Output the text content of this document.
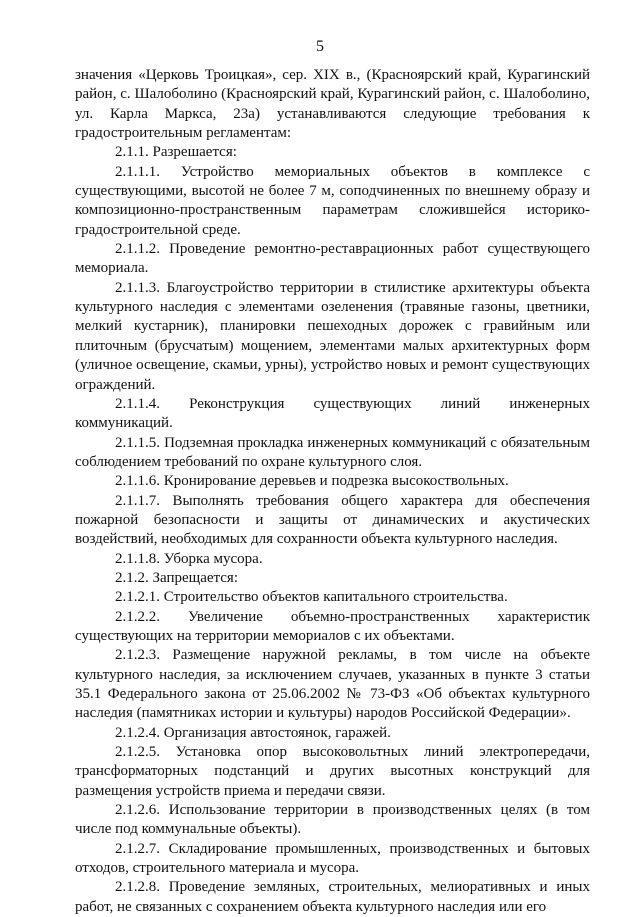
5

значения «Церковь Троицкая», сер. XIX в., (Красноярский край, Курагинский район, с. Шалоболино (Красноярский край, Курагинский район, с. Шалоболино, ул. Карла Маркса, 23а) устанавливаются следующие требования к градостроительным регламентам:

2.1.1. Разрешается:

2.1.1.1. Устройство мемориальных объектов в комплексе с существующими, высотой не более 7 м, соподчиненных по внешнему образу и композиционно-пространственным параметрам сложившейся историко-градостроительной среде.

2.1.1.2. Проведение ремонтно-реставрационных работ существующего мемориала.

2.1.1.3. Благоустройство территории в стилистике архитектуры объекта культурного наследия с элементами озеленения (травяные газоны, цветники, мелкий кустарник), планировки пешеходных дорожек с гравийным или плиточным (брусчатым) мощением, элементами малых архитектурных форм (уличное освещение, скамьи, урны), устройство новых и ремонт существующих ограждений.

2.1.1.4. Реконструкция существующих линий инженерных коммуникаций.

2.1.1.5. Подземная прокладка инженерных коммуникаций с обязательным соблюдением требований по охране культурного слоя.

2.1.1.6. Кронирование деревьев и подрезка высокоствольных.

2.1.1.7. Выполнять требования общего характера для обеспечения пожарной безопасности и защиты от динамических и акустических воздействий, необходимых для сохранности объекта культурного наследия.

2.1.1.8. Уборка мусора.

2.1.2. Запрещается:

2.1.2.1. Строительство объектов капитального строительства.

2.1.2.2. Увеличение объемно-пространственных характеристик существующих на территории мемориалов с их объектами.

2.1.2.3. Размещение наружной рекламы, в том числе на объекте культурного наследия, за исключением случаев, указанных в пункте 3 статьи 35.1 Федерального закона от 25.06.2002 № 73-ФЗ «Об объектах культурного наследия (памятниках истории и культуры) народов Российской Федерации».

2.1.2.4. Организация автостоянок, гаражей.

2.1.2.5. Установка опор высоковольтных линий электропередачи, трансформаторных подстанций и других высотных конструкций для размещения устройств приема и передачи связи.

2.1.2.6. Использование территории в производственных целях (в том числе под коммунальные объекты).

2.1.2.7. Складирование промышленных, производственных и бытовых отходов, строительного материала и мусора.

2.1.2.8. Проведение земляных, строительных, мелиоративных и иных работ, не связанных с сохранением объекта культурного наследия или его
